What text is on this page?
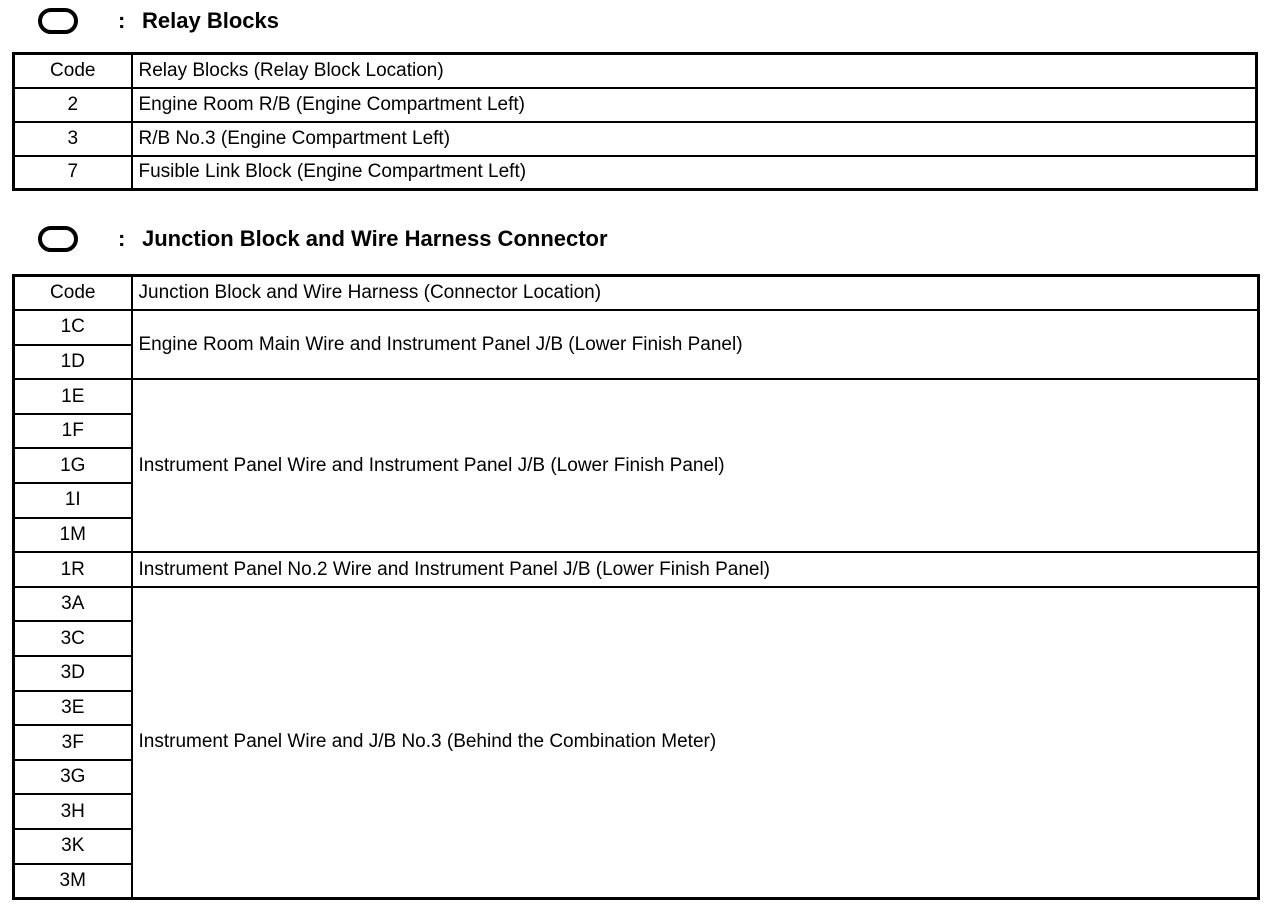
: Relay Blocks
Code	Relay Blocks (Relay Block Location)
2	Engine Room R/B (Engine Compartment Left)
3	R/B No.3 (Engine Compartment Left)
7	Fusible Link Block (Engine Compartment Left)
: Junction Block and Wire Harness Connector
Code	Junction Block and Wire Harness (Connector Location)
1C	Engine Room Main Wire and Instrument Panel J/B (Lower Finish Panel)
1D	
1E	Instrument Panel Wire and Instrument Panel J/B (Lower Finish Panel)
1F	
1G	
1I	
1M	
1R	Instrument Panel No.2 Wire and Instrument Panel J/B (Lower Finish Panel)
3A	Instrument Panel Wire and J/B No.3 (Behind the Combination Meter)
3C	
3D	
3E	
3F	
3G	
3H	
3K	
3M	
